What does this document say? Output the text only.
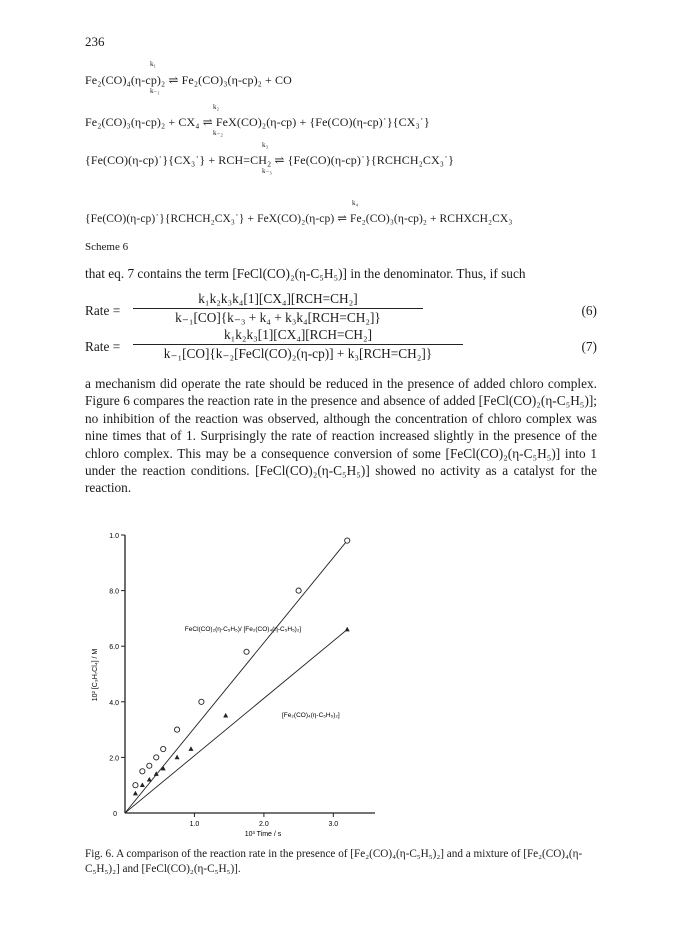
236
k₁
Fe₂(CO)₄(η-cp)₂ ⇌ Fe₂(CO)₃(η-cp)₂ + CO
k₋₁
k₂
Fe₂(CO)₃(η-cp)₂ + CX₄ ⇌ FeX(CO)₂(η-cp) + {Fe(CO)(η-cp)˙}{CX₃˙}
k₋₂
k₃
{Fe(CO)(η-cp)˙}{CX₃˙} + RCH=CH₂ ⇌ {Fe(CO)(η-cp)˙}{RCHCH₂CX₃˙}
k₋₃
k₄
{Fe(CO)(η-cp)˙}{RCHCH₂CX₃˙} + FeX(CO)₂(η-cp) ⇌ Fe₂(CO)₃(η-cp)₂ + RCHXCH₂CX₃
Scheme 6
that eq. 7 contains the term [FeCl(CO)₂(η-C₅H₅)] in the denominator. Thus, if such
Rate =
k₁k₂k₃k₄[1][CX₄][RCH=CH₂]
k₋₁[CO]{k₋₃ + k₄ + k₃k₄[RCH=CH₂]}	(6)
Rate =
k₁k₂k₃[1][CX₄][RCH=CH₂]
k₋₁[CO]{k₋₂[FeCl(CO)₂(η-cp)] + k₃[RCH=CH₂]}	(7)
a mechanism did operate the rate should be reduced in the presence of added chloro complex. Figure 6 compares the reaction rate in the presence and absence of added [FeCl(CO)₂(η-C₅H₅)]; no inhibition of the reaction was observed, although the concentration of chloro complex was nine times that of 1. Surprisingly the rate of reaction increased slightly in the presence of the chloro complex. This may be a consequence conversion of some [FeCl(CO)₂(η-C₅H₅)] into 1 under the reaction conditions. [FeCl(CO)₂(η-C₅H₅)] showed no activity as a catalyst for the reaction.
1.0	2.0	3.0
2.0
4.0
6.0
8.0
1.0
0
10³ Time / s
10² [C₃H₇Cl₄] / M
FeCl(CO)₂(η-C₅H₅)/ [Fe₂(CO)₄(η-C₅H₅)₂]
[Fe₂(CO)₄(η-C₅H₅)₂]
Fig. 6. A comparison of the reaction rate in the presence of [Fe₂(CO)₄(η-C₅H₅)₂] and a mixture of [Fe₂(CO)₄(η-C₅H₅)₂] and [FeCl(CO)₂(η-C₅H₅)].
